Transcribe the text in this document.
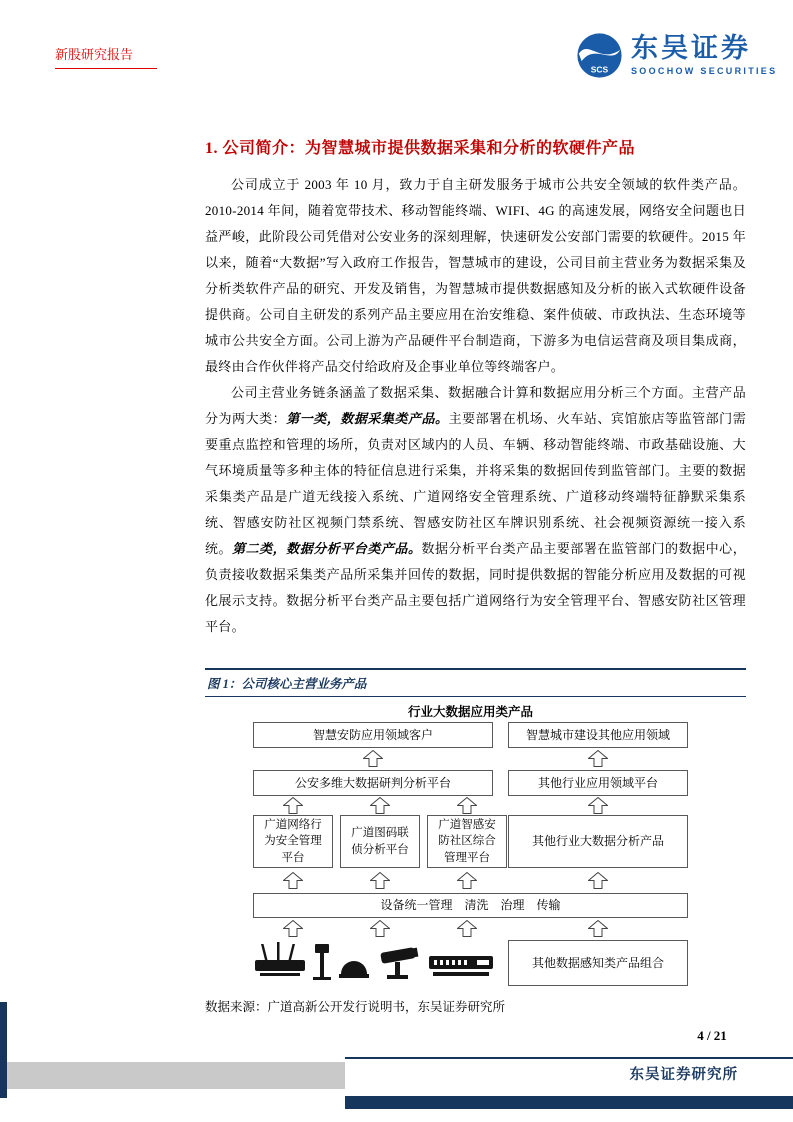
新股研究报告
SCS
东吴证券
SOOCHOW SECURITIES
1. 公司简介：为智慧城市提供数据采集和分析的软硬件产品

公司成立于 2003 年 10 月，致力于自主研发服务于城市公共安全领域的软件类产品。2010-2014 年间，随着宽带技术、移动智能终端、WIFI、4G 的高速发展，网络安全问题也日益严峻，此阶段公司凭借对公安业务的深刻理解，快速研发公安部门需要的软硬件。2015 年以来，随着“大数据”写入政府工作报告，智慧城市的建设，公司目前主营业务为数据采集及分析类软件产品的研究、开发及销售，为智慧城市提供数据感知及分析的嵌入式软硬件设备提供商。公司自主研发的系列产品主要应用在治安维稳、案件侦破、市政执法、生态环境等城市公共安全方面。公司上游为产品硬件平台制造商，下游多为电信运营商及项目集成商，最终由合作伙伴将产品交付给政府及企事业单位等终端客户。

公司主营业务链条涵盖了数据采集、数据融合计算和数据应用分析三个方面。主营产品分为两大类：第一类，数据采集类产品。主要部署在机场、火车站、宾馆旅店等监管部门需要重点监控和管理的场所，负责对区域内的人员、车辆、移动智能终端、市政基础设施、大气环境质量等多种主体的特征信息进行采集，并将采集的数据回传到监管部门。主要的数据采集类产品是广道无线接入系统、广道网络安全管理系统、广道移动终端特征静默采集系统、智感安防社区视频门禁系统、智感安防社区车牌识别系统、社会视频资源统一接入系统。第二类，数据分析平台类产品。数据分析平台类产品主要部署在监管部门的数据中心，负责接收数据采集类产品所采集并回传的数据，同时提供数据的智能分析应用及数据的可视化展示支持。数据分析平台类产品主要包括广道网络行为安全管理平台、智感安防社区管理平台。

图 1：公司核心主营业务产品
行业大数据应用类产品
智慧安防应用领域客户	智慧城市建设其他应用领域
公安多维大数据研判分析平台	其他行业应用领域平台
广道网络行为安全管理平台
广道图码联侦分析平台
广道智感安防社区综合管理平台
其他行业大数据分析产品
设备统一管理    清洗    治理    传输
其他数据感知类产品组合
数据来源：广道高新公开发行说明书，东吴证券研究所
4 / 21
东吴证券研究所
